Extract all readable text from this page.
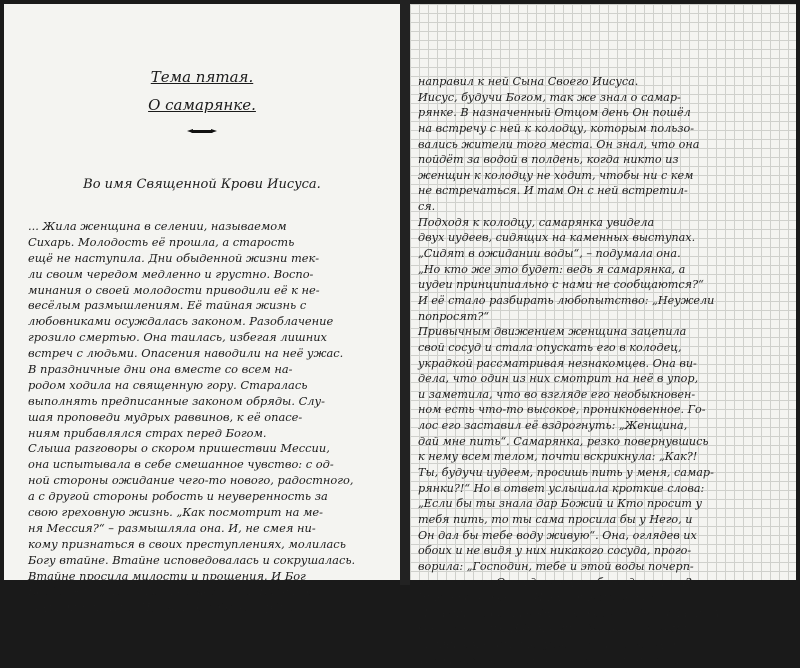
Тема пятая.
О самарянке.
Во имя Священной Крови Иисуса.
... Жила женщина в селении, называемом
Сихарь. Молодость её прошла, а старость
ещё не наступила. Дни обыденной жизни тек-
ли своим чередом медленно и грустно. Воспо-
минания о своей молодости приводили её к не-
весёлым размышлениям. Её тайная жизнь с
любовниками осуждалась законом. Разоблачение
грозило смертью. Она таилась, избегая лишних
встреч с людьми. Опасения наводили на неё ужас.
В праздничные дни она вместе со всем на-
родом ходила на священную гору. Старалась
выполнять предписанные законом обряды. Слу-
шая проповеди мудрых раввинов, к её опасе-
ниям прибавлялся страх перед Богом.
Слыша разговоры о скором пришествии Мессии,
она испытывала в себе смешанное чувство: с од-
ной стороны ожидание чего-то нового, радостного,
а с другой стороны робость и неуверенность за
свою греховную жизнь. „Как посмотрит на ме-
ня Мессия?“ – размышляла она. И, не смея ни-
кому признаться в своих преступлениях, молилась
Богу втайне. Втайне исповедовалась и сокрушалась.
Втайне просила милости и прощения. И Бог
Вседержитель слышал её молитвы. Видел её со-
крушения и муки. И, зная её доброе сердце,
направил к ней Сына Своего Иисуса.
Иисус, будучи Богом, так же знал о самар-
рянке. В назначенный Отцом день Он пошёл
на встречу с ней к колодцу, которым пользо-
вались жители того места. Он знал, что она
пойдёт за водой в полдень, когда никто из
женщин к колодцу не ходит, чтобы ни с кем
не встречаться. И там Он с ней встретил-
ся.
Подходя к колодцу, самарянка увидела
двух иудеев, сидящих на каменных выступах.
„Сидят в ожидании воды“, – подумала она.
„Но кто же это будет: ведь я самарянка, а
иудеи принципиально с нами не сообщаются?“
И её стало разбирать любопытство: „Неужели
попросят?“
Привычным движением женщина зацепила
свой сосуд и стала опускать его в колодец,
украдкой рассматривая незнакомцев. Она ви-
дела, что один из них смотрит на неё в упор,
и заметила, что во взгляде его необыкновен-
ном есть что-то высокое, проникновенное. Го-
лос его заставил её вздрогнуть: „Женщина,
дай мне пить“. Самарянка, резко повернувшись
к нему всем телом, почти вскрикнула: „Как?!
Ты, будучи иудеем, просишь пить у меня, самар-
рянки?!“ Но в ответ услышала кроткие слова:
„Если бы ты знала дар Божий и Кто просит у
тебя пить, то ты сама просила бы у Него, и
Он дал бы тебе воду живую“. Она, оглядев их
обоих и не видя у них никакого сосуда, прого-
ворила: „Господин, тебе и этой воды почерп-
нуть нечем. Откуда же у тебя вода живая?
Что это за вода?“ Иисус ответил так:
„Всякий, пьющий воду сию, возжаждет опять. А
вода, которую Я дам ему, сделается в нём ис-
точником воды, текущей в жизнь вечную.
Такой человек не будет жаждать никогда“.
